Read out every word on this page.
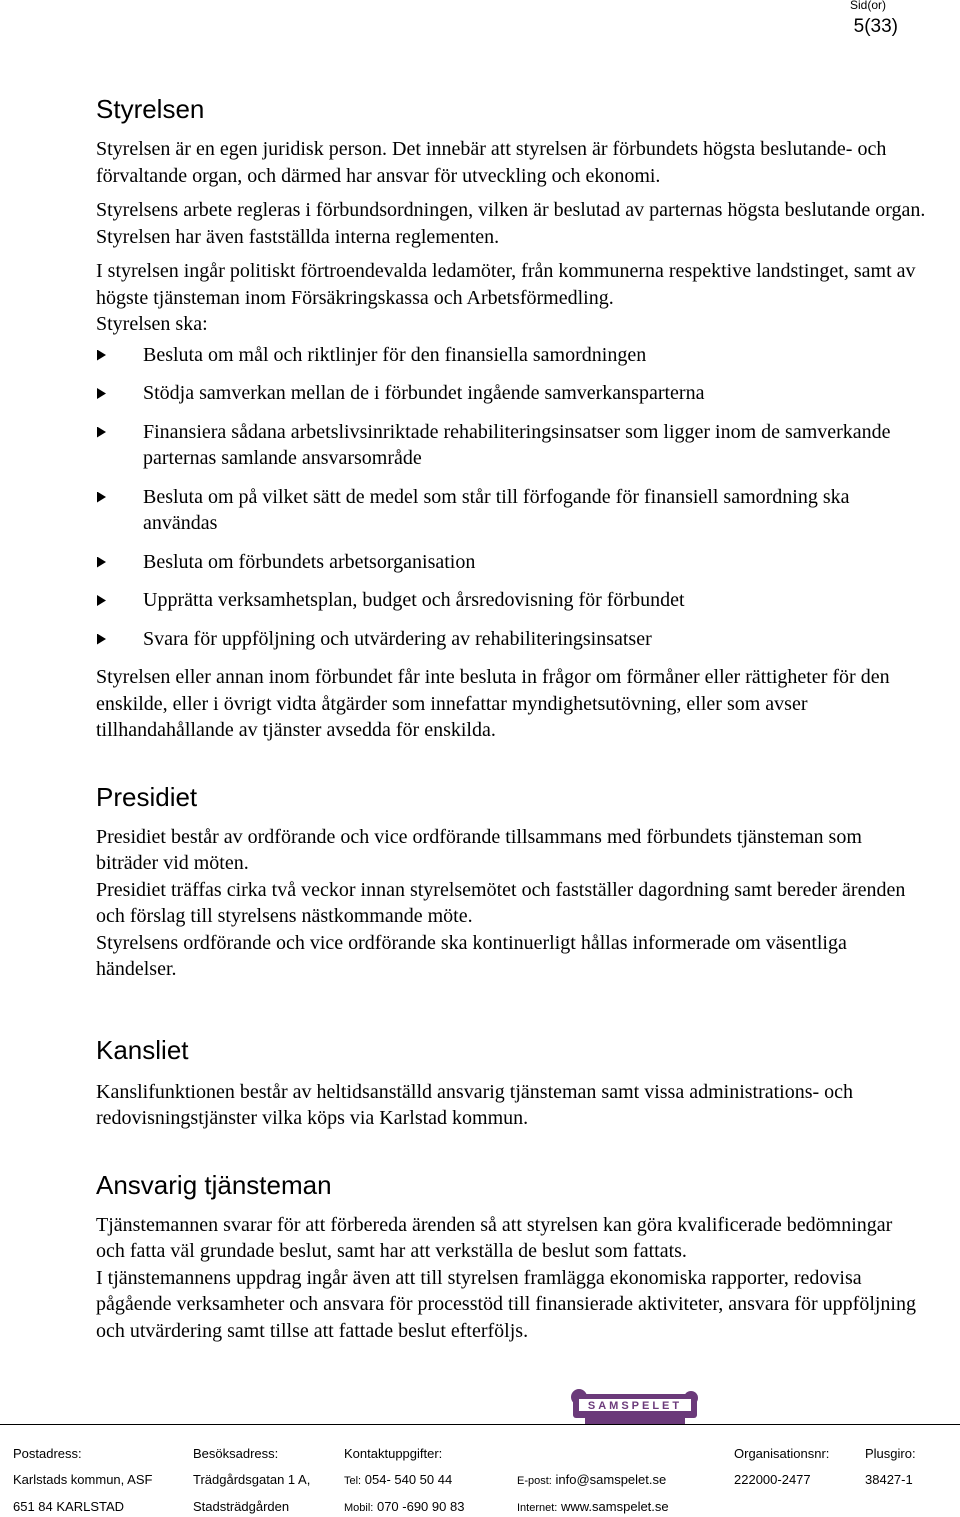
Sid(or)
5(33)
Styrelsen

Styrelsen är en egen juridisk person. Det innebär att styrelsen är förbundets högsta beslutande- och förvaltande organ, och därmed har ansvar för utveckling och ekonomi.

Styrelsens arbete regleras i förbundsordningen, vilken är beslutad av parternas högsta beslutande organ. Styrelsen har även fastställda interna reglementen.

I styrelsen ingår politiskt förtroendevalda ledamöter, från kommunerna respektive landstinget, samt av högste tjänsteman inom Försäkringskassa och Arbetsförmedling.

Styrelsen ska:

Besluta om mål och riktlinjer för den finansiella samordningen
Stödja samverkan mellan de i förbundet ingående samverkansparterna
Finansiera sådana arbetslivsinriktade rehabiliteringsinsatser som ligger inom de samverkande parternas samlande ansvarsområde
Besluta om på vilket sätt de medel som står till förfogande för finansiell samordning ska användas
Besluta om förbundets arbetsorganisation
Upprätta verksamhetsplan, budget och årsredovisning för förbundet
Svara för uppföljning och utvärdering av rehabiliteringsinsatser

Styrelsen eller annan inom förbundet får inte besluta in frågor om förmåner eller rättigheter för den enskilde, eller i övrigt vidta åtgärder som innefattar myndighetsutövning, eller som avser tillhandahållande av tjänster avsedda för enskilda.

Presidiet

Presidiet består av ordförande och vice ordförande tillsammans med förbundets tjänsteman som biträder vid möten.

Presidiet träffas cirka två veckor innan styrelsemötet och fastställer dagordning samt bereder ärenden och förslag till styrelsens nästkommande möte.

Styrelsens ordförande och vice ordförande ska kontinuerligt hållas informerade om väsentliga händelser.

Kansliet

Kanslifunktionen består av heltidsanställd ansvarig tjänsteman samt vissa administrations- och redovisningstjänster vilka köps via Karlstad kommun.

Ansvarig tjänsteman

Tjänstemannen svarar för att förbereda ärenden så att styrelsen kan göra kvalificerade bedömningar och fatta väl grundade beslut, samt har att verkställa de beslut som fattats.

I tjänstemannens uppdrag ingår även att till styrelsen framlägga ekonomiska rapporter, redovisa pågående verksamheter och ansvara för processtöd till finansierade aktiviteter, ansvara för uppföljning och utvärdering samt tillse att fattade beslut efterföljs.

SAMSPELET
Postadress:
Karlstads kommun, ASF
651 84 KARLSTAD
Besöksadress:
Trädgårdsgatan 1 A,
Stadsträdgården
Kontaktuppgifter:
Tel: 054- 540 50 44
Mobil: 070 -690 90 83
E-post: info@samspelet.se
Internet: www.samspelet.se
Organisationsnr:
222000-2477
Plusgiro:
38427-1
